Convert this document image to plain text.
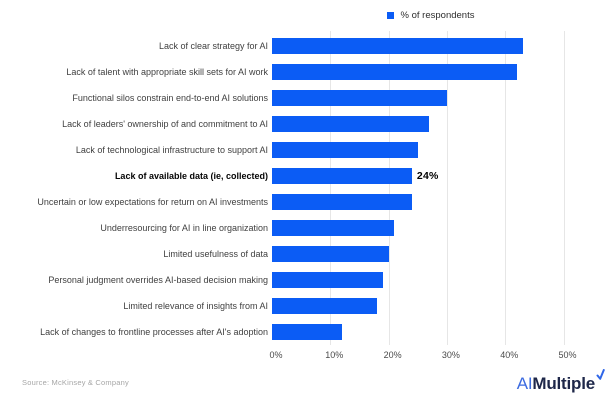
% of respondents
Lack of clear strategy for AI
Lack of talent with appropriate skill sets for AI work
Functional silos constrain end-to-end AI solutions
Lack of leaders' ownership of and commitment to AI
Lack of technological infrastructure to support AI
Lack of available data (ie, collected)
Uncertain or low expectations for return on AI investments
Underresourcing for AI in line organization
Limited usefulness of data
Personal judgment overrides AI-based decision making
Limited relevance of insights from AI
Lack of changes to frontline processes after AI's adoption
24%
0%	10%	20%	30%	40%	50%
Source: McKinsey & Company	AIMultiple
